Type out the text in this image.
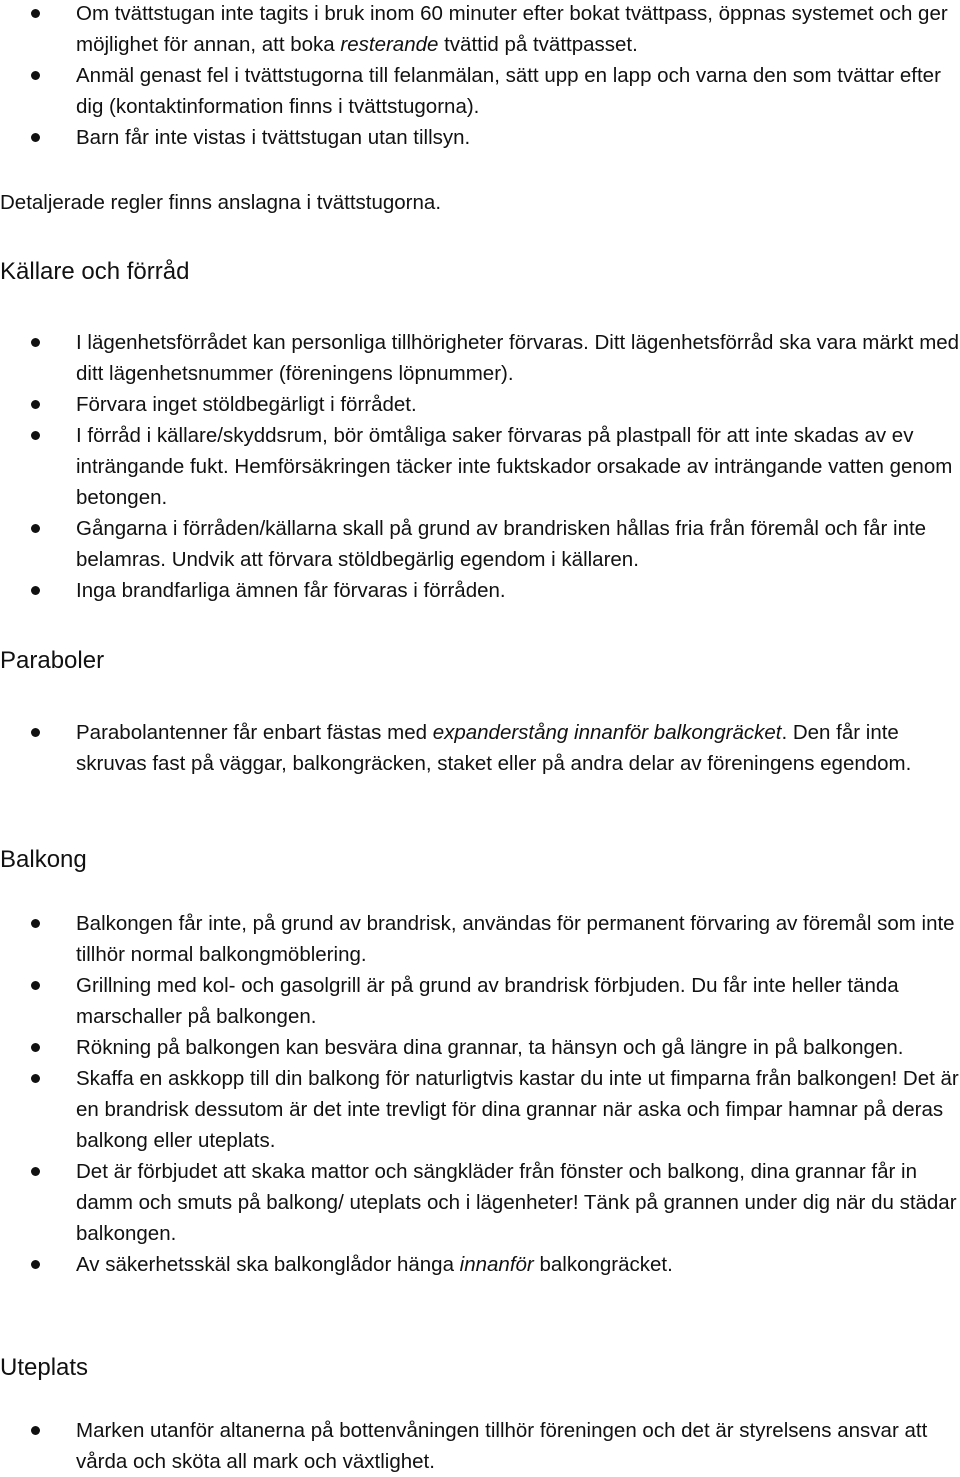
Om tvättstugan inte tagits i bruk inom 60 minuter efter bokat tvättpass, öppnas systemet och ger möjlighet för annan, att boka resterande tvättid på tvättpasset.
Anmäl genast fel i tvättstugorna till felanmälan, sätt upp en lapp och varna den som tvättar efter dig (kontaktinformation finns i tvättstugorna).
Barn får inte vistas i tvättstugan utan tillsyn.

Detaljerade regler finns anslagna i tvättstugorna.

Källare och förråd
I lägenhetsförrådet kan personliga tillhörigheter förvaras. Ditt lägenhetsförråd ska vara märkt med ditt lägenhetsnummer (föreningens löpnummer).
Förvara inget stöldbegärligt i förrådet.
I förråd i källare/skyddsrum, bör ömtåliga saker förvaras på plastpall för att inte skadas av ev inträngande fukt. Hemförsäkringen täcker inte fuktskador orsakade av inträngande vatten genom betongen.
Gångarna i förråden/källarna skall på grund av brandrisken hållas fria från föremål och får inte belamras. Undvik att förvara stöldbegärlig egendom i källaren.
Inga brandfarliga ämnen får förvaras i förråden.
Paraboler
Parabolantenner får enbart fästas med expanderstång innanför balkongräcket. Den får inte skruvas fast på väggar, balkongräcken, staket eller på andra delar av föreningens egendom.
Balkong
Balkongen får inte, på grund av brandrisk, användas för permanent förvaring av föremål som inte tillhör normal balkongmöblering.
Grillning med kol- och gasolgrill är på grund av brandrisk förbjuden. Du får inte heller tända marschaller på balkongen.
Rökning på balkongen kan besvära dina grannar, ta hänsyn och gå längre in på balkongen.
Skaffa en askkopp till din balkong för naturligtvis kastar du inte ut fimparna från balkongen! Det är en brandrisk dessutom är det inte trevligt för dina grannar när aska och fimpar hamnar på deras balkong eller uteplats.
Det är förbjudet att skaka mattor och sängkläder från fönster och balkong, dina grannar får in damm och smuts på balkong/ uteplats och i lägenheter! Tänk på grannen under dig när du städar balkongen.
Av säkerhetsskäl ska balkonglådor hänga innanför balkongräcket.
Uteplats
Marken utanför altanerna på bottenvåningen tillhör föreningen och det är styrelsens ansvar att vårda och sköta all mark och växtlighet.
